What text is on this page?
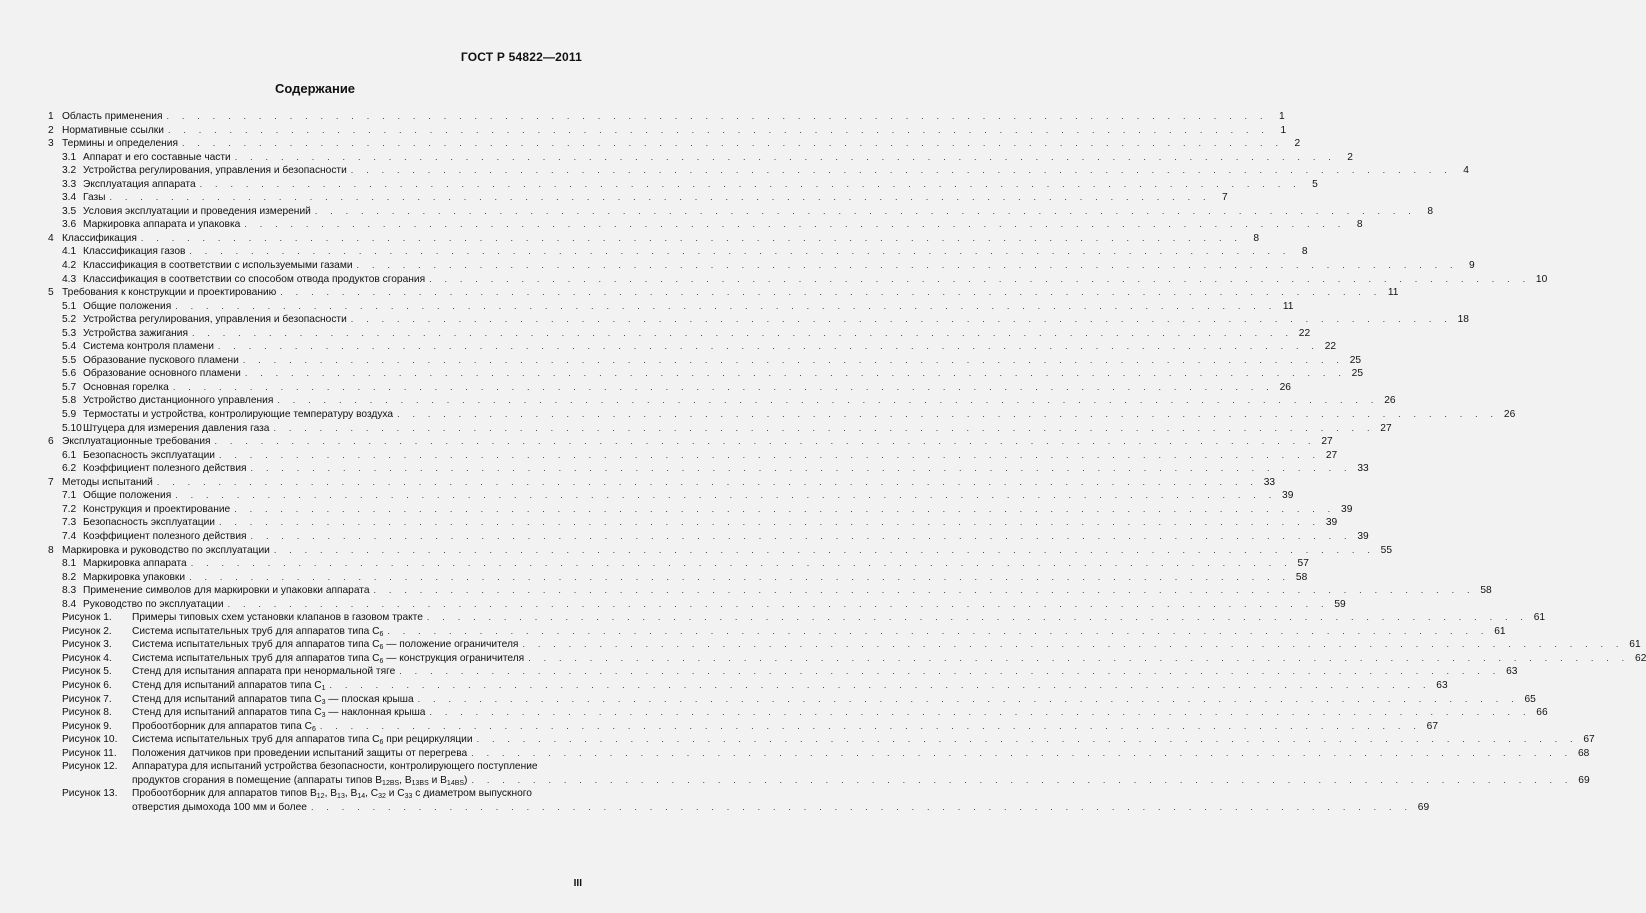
ГОСТ Р 54822—2011
Содержание
1 Область применения . . .	1
2 Нормативные ссылки . . .	1
3 Термины и определения . . .	2
3.1 Аппарат и его составные части . . .	2
3.2 Устройства регулирования, управления и безопасности . . .	4
3.3 Эксплуатация аппарата . . .	5
3.4 Газы . . .	7
3.5 Условия эксплуатации и проведения измерений . . .	8
3.6 Маркировка аппарата и упаковка . . .	8
4 Классификация . . .	8
4.1 Классификация газов . . .	8
4.2 Классификация в соответствии с используемыми газами . . .	9
4.3 Классификация в соответствии со способом отвода продуктов сгорания . . .	10
5 Требования к конструкции и проектированию . . .	11
5.1 Общие положения . . .	11
5.2 Устройства регулирования, управления и безопасности . . .	18
5.3 Устройства зажигания . . .	22
5.4 Система контроля пламени . . .	22
5.5 Образование пускового пламени . . .	25
5.6 Образование основного пламени . . .	25
5.7 Основная горелка . . .	26
5.8 Устройство дистанционного управления . . .	26
5.9 Термостаты и устройства, контролирующие температуру воздуха . . .	26
5.10 Штуцера для измерения давления газа . . .	27
6 Эксплуатационные требования . . .	27
6.1 Безопасность эксплуатации . . .	27
6.2 Коэффициент полезного действия . . .	33
7 Методы испытаний . . .	33
7.1 Общие положения . . .	39
7.2 Конструкция и проектирование . . .	39
7.3 Безопасность эксплуатации . . .	39
7.4 Коэффициент полезного действия . . .	39
8 Маркировка и руководство по эксплуатации . . .	55
8.1 Маркировка аппарата . . .	57
8.2 Маркировка упаковки . . .	58
8.3 Применение символов для маркировки и упаковки аппарата . . .	58
8.4 Руководство по эксплуатации . . .	59
Рисунок 1.	Примеры типовых схем установки клапанов в газовом тракте . . .	61
Рисунок 2.	Система испытательных труб для аппаратов типа $С_6$ . . .	61
Рисунок 3.	Система испытательных труб для аппаратов типа $С_6$ — положение ограничителя . . .	61
Рисунок 4.	Система испытательных труб для аппаратов типа $С_6$ — конструкция ограничителя . . .	62
Рисунок 5.	Стенд для испытания аппарата при ненормальной тяге . . .	63
Рисунок 6.	Стенд для испытаний аппаратов типа $С_1$ . . .	63
Рисунок 7.	Стенд для испытаний аппаратов типа $С_3$ — плоская крыша . . .	65
Рисунок 8.	Стенд для испытаний аппаратов типа $С_3$ — наклонная крыша . . .	66
Рисунок 9.	Пробоотборник для аппаратов типа $С_6$ . . .	67
Рисунок 10.	Система испытательных труб для аппаратов типа $С_6$ при рециркуляции . . .	67
Рисунок 11.	Положения датчиков при проведении испытаний защиты от перегрева . . .	68
Рисунок 12.	Аппаратура для испытаний устройства безопасности, контролирующего поступление
продуктов сгорания в помещение (аппараты типов $B_{12BS}$, $B_{13BS}$ и $B_{14BS}$) . . .	69
Рисунок 13.	Пробоотборник для аппаратов типов $B_{12}$, $B_{13}$, $B_{14}$, $C_{32}$ и $C_{33}$ с диаметром выпускного
отверстия дымохода 100 мм и более . . .	69
III
